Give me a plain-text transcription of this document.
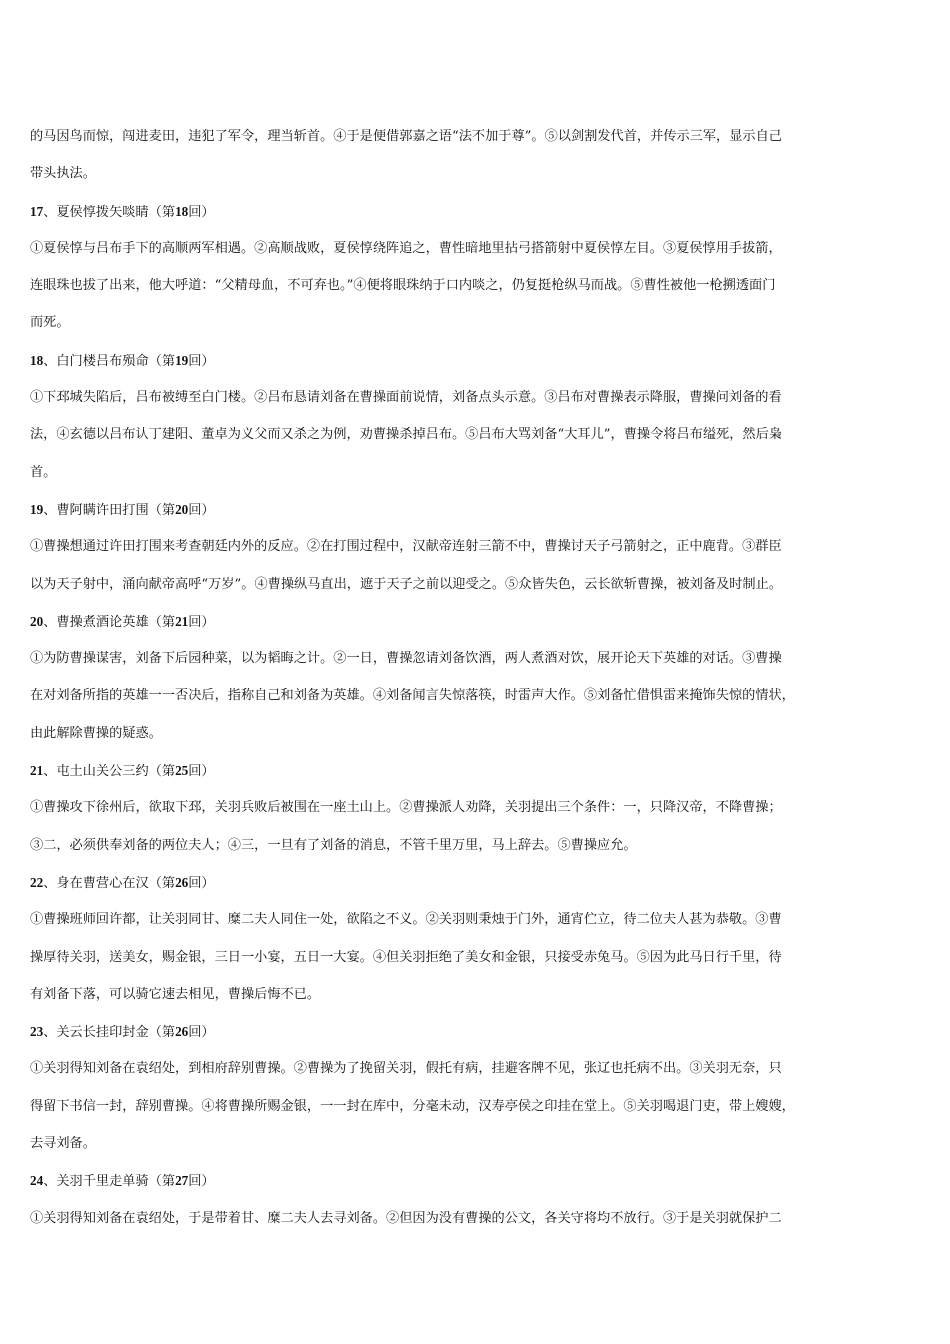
的马因鸟而惊，闯进麦田，违犯了军令，理当斩首。④于是便借郭嘉之语“法不加于尊”。⑤以剑割发代首，并传示三军，显示自己
带头执法。
17、夏侯惇拨矢啖睛（第18回）
①夏侯惇与吕布手下的高顺两军相遇。②高顺战败，夏侯惇绕阵追之，曹性暗地里拈弓搭箭射中夏侯惇左目。③夏侯惇用手拔箭，
连眼珠也拔了出来，他大呼道：“父精母血，不可弃也。”④便将眼珠纳于口内啖之，仍复挺枪纵马而战。⑤曹性被他一枪搠透面门
而死。
18、白门楼吕布殒命（第19回）
①下邳城失陷后，吕布被缚至白门楼。②吕布恳请刘备在曹操面前说情，刘备点头示意。③吕布对曹操表示降服，曹操问刘备的看
法，④玄德以吕布认丁建阳、董卓为义父而又杀之为例，劝曹操杀掉吕布。⑤吕布大骂刘备“大耳儿”，曹操令将吕布缢死，然后枭
首。
19、曹阿瞒许田打围（第20回）
①曹操想通过许田打围来考查朝廷内外的反应。②在打围过程中，汉献帝连射三箭不中，曹操讨天子弓箭射之，正中鹿背。③群臣
以为天子射中，涌向献帝高呼“万岁”。④曹操纵马直出，遮于天子之前以迎受之。⑤众皆失色，云长欲斩曹操，被刘备及时制止。
20、曹操煮酒论英雄（第21回）
①为防曹操谋害，刘备下后园种菜，以为韬晦之计。②一日，曹操忽请刘备饮酒，两人煮酒对饮，展开论天下英雄的对话。③曹操
在对刘备所指的英雄一一否决后，指称自己和刘备为英雄。④刘备闻言失惊落筷，时雷声大作。⑤刘备忙借惧雷来掩饰失惊的情状，
由此解除曹操的疑惑。
21、屯土山关公三约（第25回）
①曹操攻下徐州后，欲取下邳，关羽兵败后被围在一座土山上。②曹操派人劝降，关羽提出三个条件：一，只降汉帝，不降曹操；
③二，必须供奉刘备的两位夫人；④三，一旦有了刘备的消息，不管千里万里，马上辞去。⑤曹操应允。
22、身在曹营心在汉（第26回）
①曹操班师回许都，让关羽同甘、糜二夫人同住一处，欲陷之不义。②关羽则秉烛于门外，通宵伫立，待二位夫人甚为恭敬。③曹
操厚待关羽，送美女，赐金银，三日一小宴，五日一大宴。④但关羽拒绝了美女和金银，只接受赤兔马。⑤因为此马日行千里，待
有刘备下落，可以骑它速去相见，曹操后悔不已。
23、关云长挂印封金（第26回）
①关羽得知刘备在袁绍处，到相府辞别曹操。②曹操为了挽留关羽，假托有病，挂避客牌不见，张辽也托病不出。③关羽无奈，只
得留下书信一封，辞别曹操。④将曹操所赐金银，一一封在库中，分毫未动，汉寿亭侯之印挂在堂上。⑤关羽喝退门吏，带上嫂嫂，
去寻刘备。
24、关羽千里走单骑（第27回）
①关羽得知刘备在袁绍处，于是带着甘、糜二夫人去寻刘备。②但因为没有曹操的公文，各关守将均不放行。③于是关羽就保护二
